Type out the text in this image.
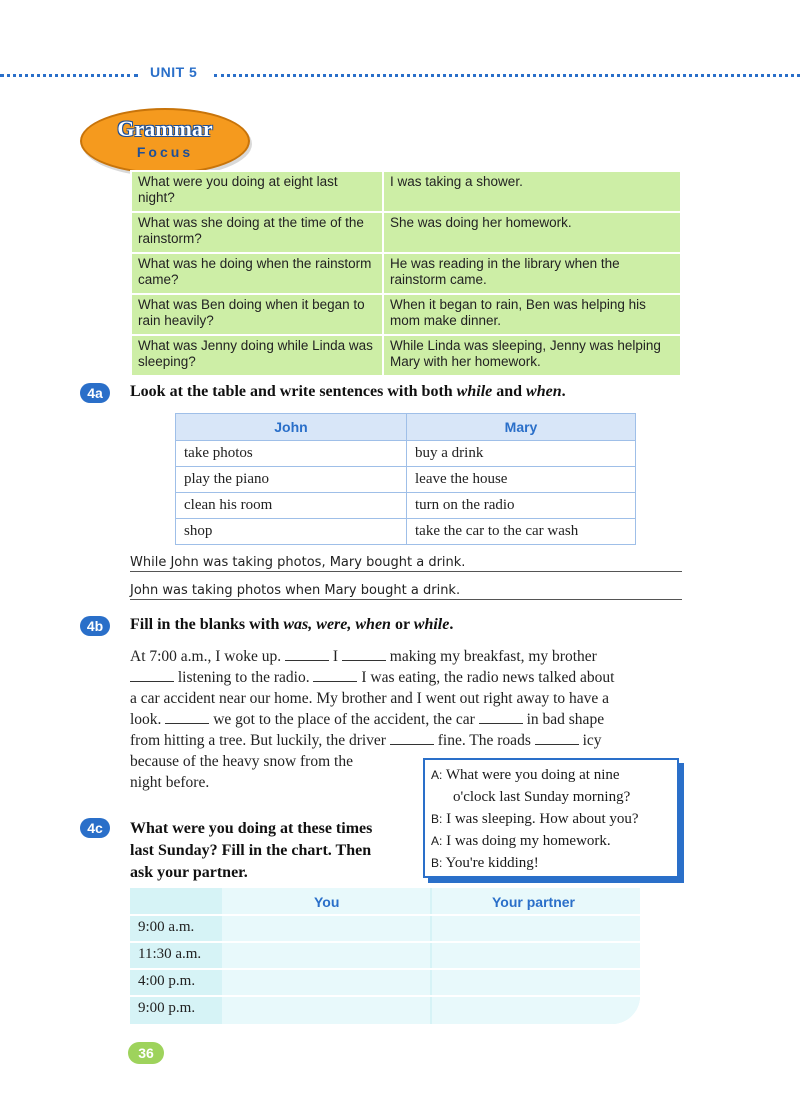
UNIT 5
Grammar
Focus
What were you doing at eight last night?	I was taking a shower.
What was she doing at the time of the rainstorm?	She was doing her homework.
What was he doing when the rainstorm came?	He was reading in the library when the rainstorm came.
What was Ben doing when it began to rain heavily?	When it began to rain, Ben was helping his mom make dinner.
What was Jenny doing while Linda was sleeping?	While Linda was sleeping, Jenny was helping Mary with her homework.
4a	Look at the table and write sentences with both while and when.
John	Mary
take photos	buy a drink
play the piano	leave the house
clean his room	turn on the radio
shop	take the car to the car wash
While John was taking photos, Mary bought a drink.
John was taking photos when Mary bought a drink.
4b	Fill in the blanks with was, were, when or while.
At 7:00 a.m., I woke up.	I	making my breakfast, my brother
listening to the radio.	I was eating, the radio news talked about
a car accident near our home. My brother and I went out right away to have a
look.	we got to the place of the accident, the car	in bad shape
from hitting a tree. But luckily, the driver	fine. The roads	icy
because of the heavy snow from the
night before.	A: What were you doing at nine
o'clock last Sunday morning?
B: I was sleeping. How about you?
A: I was doing my homework.
B: You're kidding!
4c	What were you doing at these times
last Sunday? Fill in the chart. Then
ask your partner.
You	Your partner
9:00 a.m.
11:30 a.m.
4:00 p.m.
9:00 p.m.
36
